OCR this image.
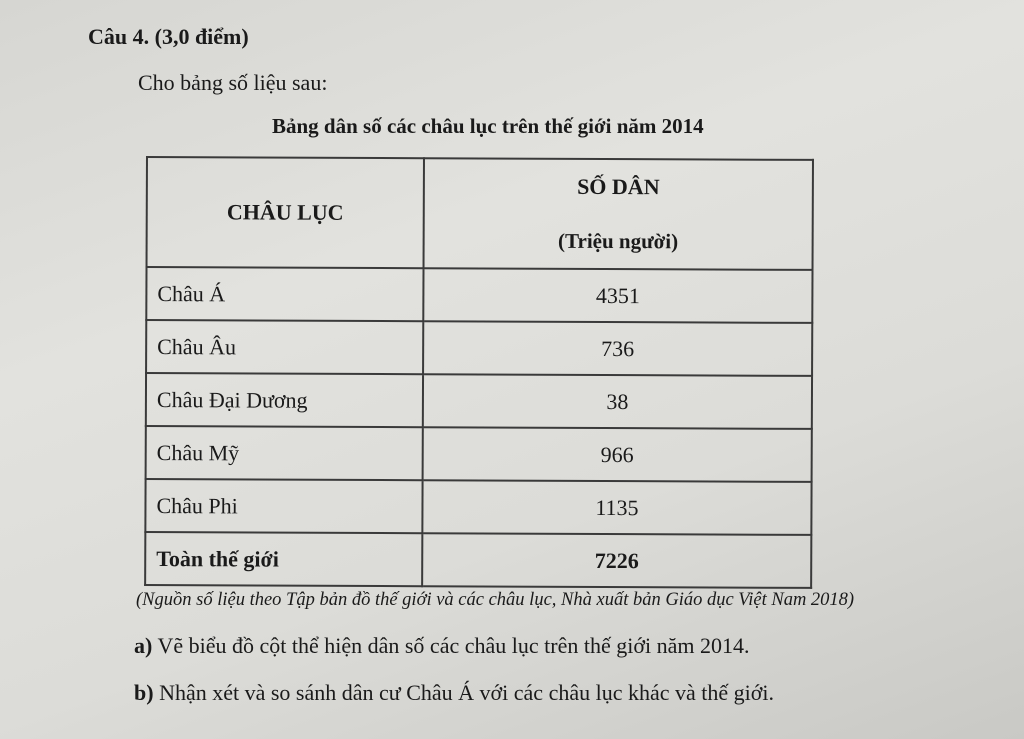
Câu 4. (3,0 điểm)
Cho bảng số liệu sau:
Bảng dân số các châu lục trên thế giới năm 2014
CHÂU LỤC	SỐ DÂN
(Triệu người)

Châu Á	4351
Châu Âu	736
Châu Đại Dương	38
Châu Mỹ	966
Châu Phi	1135
Toàn thế giới	7226
(Nguồn số liệu theo Tập bản đồ thế giới và các châu lục, Nhà xuất bản Giáo dục Việt Nam 2018)
a) Vẽ biểu đồ cột thể hiện dân số các châu lục trên thế giới năm 2014.
b) Nhận xét và so sánh dân cư Châu Á với các châu lục khác và thế giới.
